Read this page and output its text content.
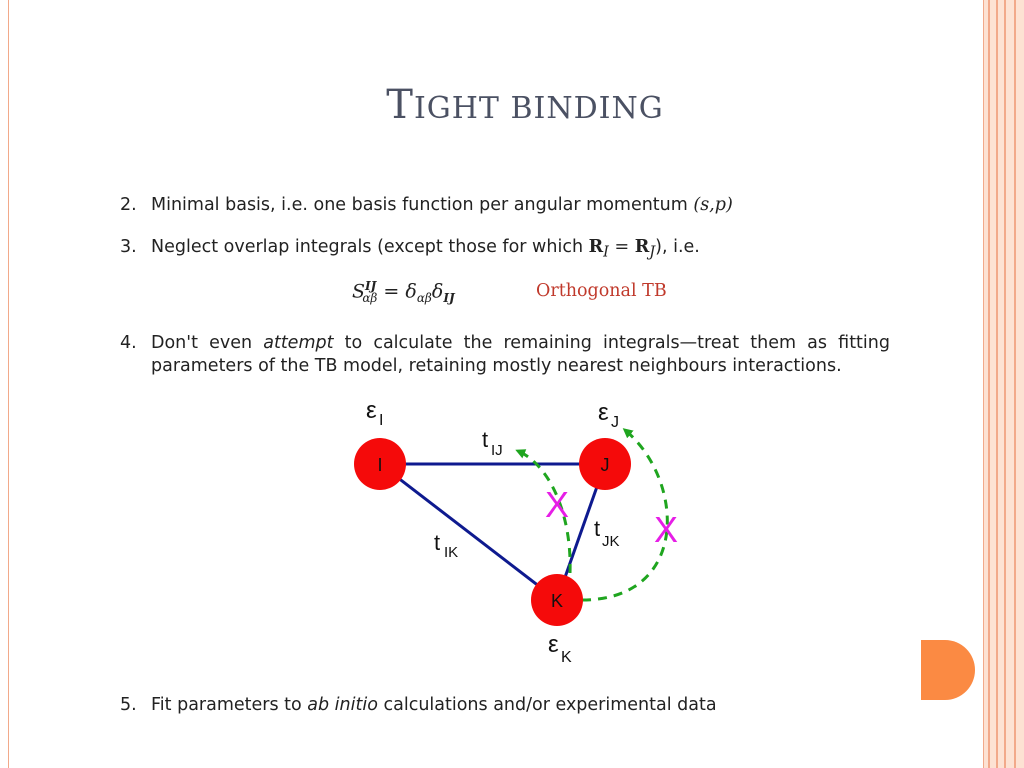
TIGHT BINDING
2. Minimal basis, i.e. one basis function per angular momentum (s,p)
3. Neglect overlap integrals (except those for which $R_I = R_J$), i.e.
$S^{IJ}_{\alpha\beta} = \delta_{\alpha\beta}\delta_{IJ}$	Orthogonal TB
4. Don't even attempt to calculate the remaining integrals—treat them as fitting parameters of the TB model, retaining mostly nearest neighbours interactions.
I	J
K
ε I	ε J
ε K
t IJ
t IK
t
JK
X
X
5. Fit parameters to ab initio calculations and/or experimental data
